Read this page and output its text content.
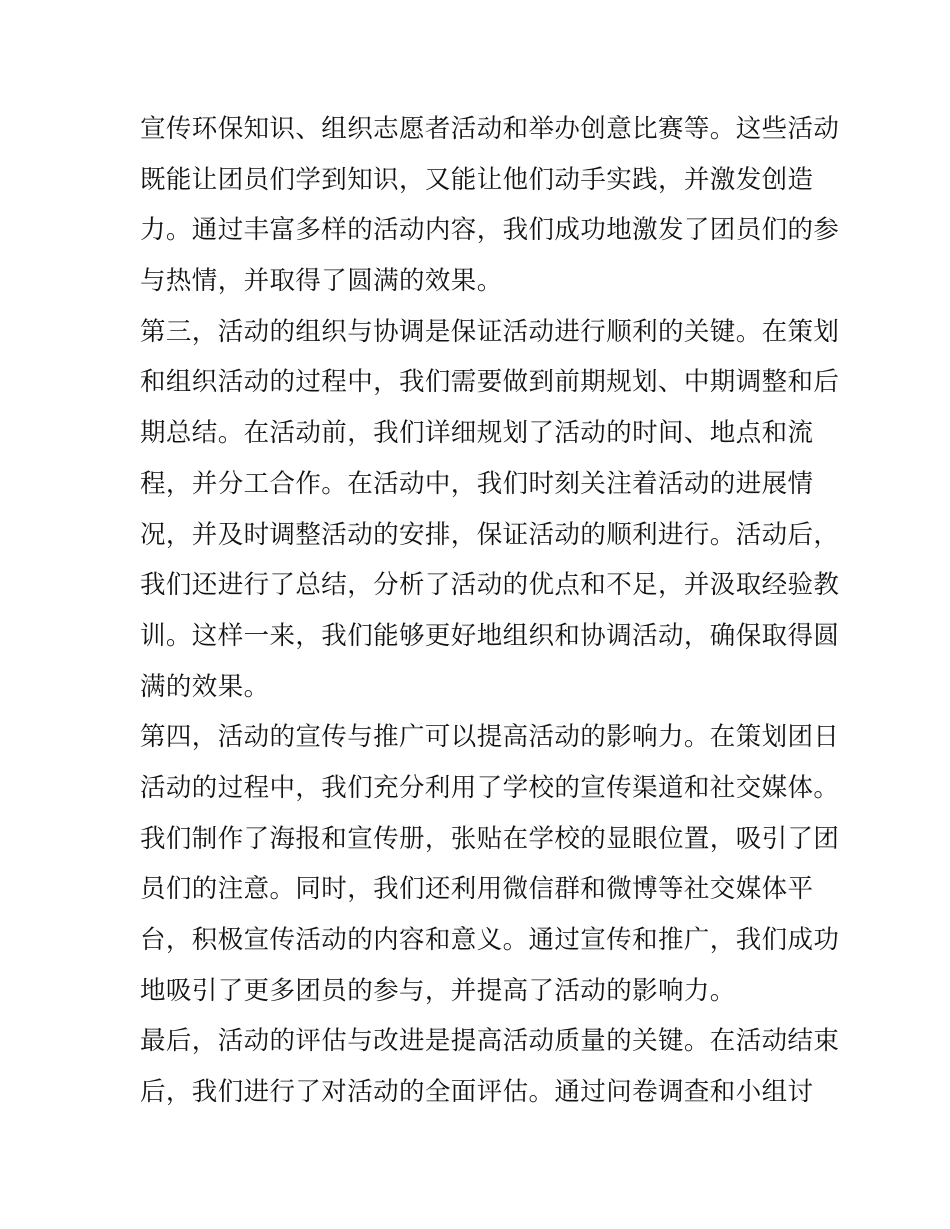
宣传环保知识、组织志愿者活动和举办创意比赛等。这些活动
既能让团员们学到知识，又能让他们动手实践，并激发创造
力。通过丰富多样的活动内容，我们成功地激发了团员们的参
与热情，并取得了圆满的效果。
第三，活动的组织与协调是保证活动进行顺利的关键。在策划
和组织活动的过程中，我们需要做到前期规划、中期调整和后
期总结。在活动前，我们详细规划了活动的时间、地点和流
程，并分工合作。在活动中，我们时刻关注着活动的进展情
况，并及时调整活动的安排，保证活动的顺利进行。活动后，
我们还进行了总结，分析了活动的优点和不足，并汲取经验教
训。这样一来，我们能够更好地组织和协调活动，确保取得圆
满的效果。
第四，活动的宣传与推广可以提高活动的影响力。在策划团日
活动的过程中，我们充分利用了学校的宣传渠道和社交媒体。
我们制作了海报和宣传册，张贴在学校的显眼位置，吸引了团
员们的注意。同时，我们还利用微信群和微博等社交媒体平
台，积极宣传活动的内容和意义。通过宣传和推广，我们成功
地吸引了更多团员的参与，并提高了活动的影响力。
最后，活动的评估与改进是提高活动质量的关键。在活动结束
后，我们进行了对活动的全面评估。通过问卷调查和小组讨
